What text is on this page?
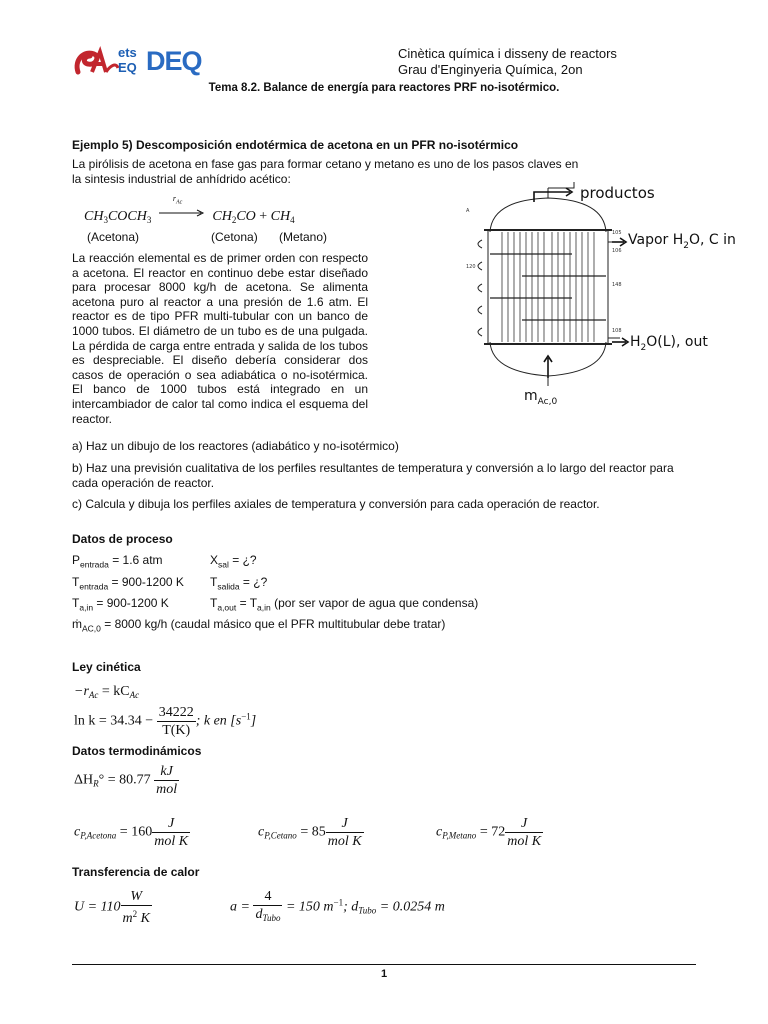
ets
EQ DEQ	Cinètica química i disseny de reactors
Grau d'Enginyeria Química, 2on
Tema 8.2. Balance de energía para reactores PRF no-isotérmico.
Ejemplo 5) Descomposición endotérmica de acetona en un PFR no-isotérmico
La pirólisis de acetona en fase gas para formar cetano y metano es uno de los pasos claves en
la sintesis industrial de anhídrido acético:
$CH_3COCH_3$
$r_{Ac}$
$CH_2CO + CH_4$
(Acetona)	(Cetona) (Metano)
La reacción elemental es de primer orden con respecto a acetona. El reactor en continuo debe estar diseñado para procesar 8000 kg/h de acetona. Se alimenta acetona puro al reactor a una presión de 1.6 atm. El reactor es de tipo PFR multi-tubular con un banco de 1000 tubos. El diámetro de un tubo es de una pulgada. La pérdida de carga entre entrada y salida de los tubos es despreciable. El diseño debería considerar dos casos de operación o sea adiabática o no-isotérmica. El banco de 1000 tubos está integrado en un intercambiador de calor tal como indica el esquema del reactor.
A
105
106
148
108
120
productos
Vapor $H_2O$, C in
$H_2O(L)$, out
$m_{Ac,0}$
a) Haz un dibujo de los reactores (adiabático y no-isotérmico)
b) Haz una previsión cualitativa de los perfiles resultantes de temperatura y conversión a lo largo del reactor para cada operación de reactor.
c) Calcula y dibuja los perfiles axiales de temperatura y conversión para cada operación de reactor.
Datos de proceso
$P_{entrada} = 1.6$ atm	$X_{sal}$ = ¿?
$T_{entrada} = 900-1200$ K $T_{salida}$ = ¿?
$T_{a,in} = 900-1200$ K	$T_{a,out} = T_{a,in}$ (por ser vapor de agua que condensa)
ṁ$_{AC,0}$ = 8000 kg/h (caudal másico que el PFR multitubular debe tratar)
Ley cinética
$-r_{Ac} = kC_{Ac}$
$\ln k = 34.34 - \frac{34222}{T(K)}$ ; k en $[s^{-1}]$
Datos termodinámicos
$\Delta H_R^\circ = 80.77 \frac{kJ}{\text{mol}}$
$c_{P,Acetona} = 160 \frac{J}{\text{mol K}}$	$c_{P,Cetano} = 85 \frac{J}{\text{mol K}}$	$c_{P,Metano} = 72 \frac{J}{\text{mol K}}$
Transferencia de calor
$U = 110 \frac{W}{m^2 K}$	$a = \frac{4}{d_{Tubo}} = 150$ $m^{-1}$; $d_{Tubo} = 0.0254$ m
1
